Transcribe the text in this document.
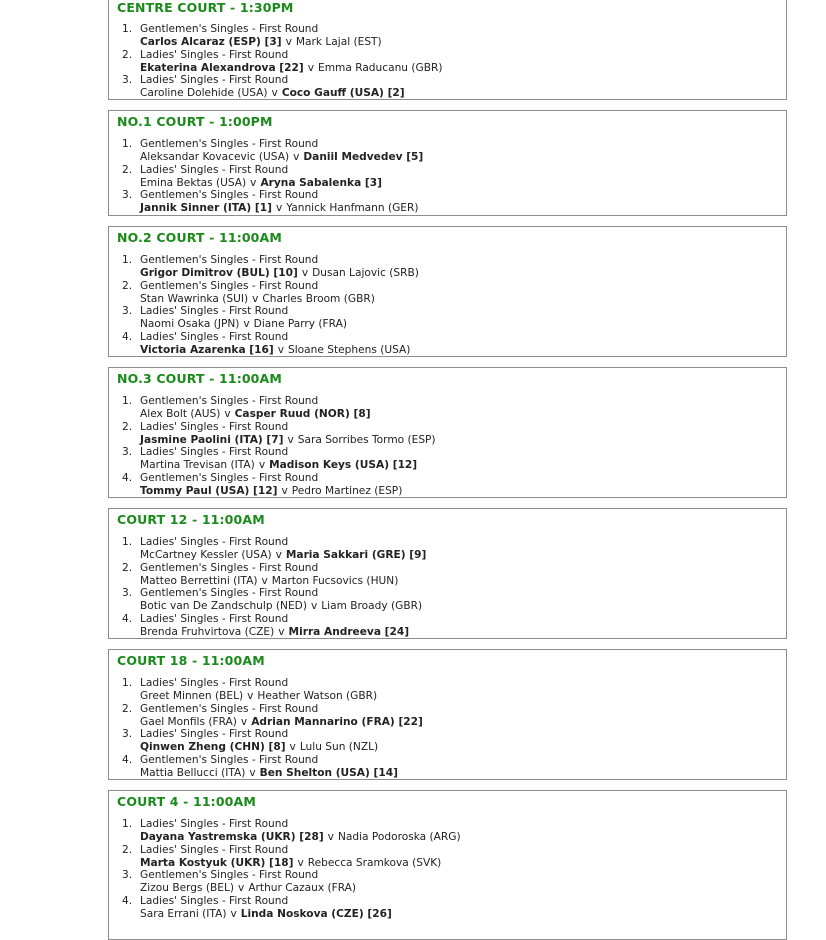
CENTRE COURT - 1:30PM
1. Gentlemen's Singles - First Round
Carlos Alcaraz (ESP) [3] v Mark Lajal (EST)
2. Ladies' Singles - First Round
Ekaterina Alexandrova [22] v Emma Raducanu (GBR)
3. Ladies' Singles - First Round
Caroline Dolehide (USA) v Coco Gauff (USA) [2]
NO.1 COURT - 1:00PM
1. Gentlemen's Singles - First Round
Aleksandar Kovacevic (USA) v Daniil Medvedev [5]
2. Ladies' Singles - First Round
Emina Bektas (USA) v Aryna Sabalenka [3]
3. Gentlemen's Singles - First Round
Jannik Sinner (ITA) [1] v Yannick Hanfmann (GER)
NO.2 COURT - 11:00AM
1. Gentlemen's Singles - First Round
Grigor Dimitrov (BUL) [10] v Dusan Lajovic (SRB)
2. Gentlemen's Singles - First Round
Stan Wawrinka (SUI) v Charles Broom (GBR)
3. Ladies' Singles - First Round
Naomi Osaka (JPN) v Diane Parry (FRA)
4. Ladies' Singles - First Round
Victoria Azarenka [16] v Sloane Stephens (USA)
NO.3 COURT - 11:00AM
1. Gentlemen's Singles - First Round
Alex Bolt (AUS) v Casper Ruud (NOR) [8]
2. Ladies' Singles - First Round
Jasmine Paolini (ITA) [7] v Sara Sorribes Tormo (ESP)
3. Ladies' Singles - First Round
Martina Trevisan (ITA) v Madison Keys (USA) [12]
4. Gentlemen's Singles - First Round
Tommy Paul (USA) [12] v Pedro Martinez (ESP)
COURT 12 - 11:00AM
1. Ladies' Singles - First Round
McCartney Kessler (USA) v Maria Sakkari (GRE) [9]
2. Gentlemen's Singles - First Round
Matteo Berrettini (ITA) v Marton Fucsovics (HUN)
3. Gentlemen's Singles - First Round
Botic van De Zandschulp (NED) v Liam Broady (GBR)
4. Ladies' Singles - First Round
Brenda Fruhvirtova (CZE) v Mirra Andreeva [24]
COURT 18 - 11:00AM
1. Ladies' Singles - First Round
Greet Minnen (BEL) v Heather Watson (GBR)
2. Gentlemen's Singles - First Round
Gael Monfils (FRA) v Adrian Mannarino (FRA) [22]
3. Ladies' Singles - First Round
Qinwen Zheng (CHN) [8] v Lulu Sun (NZL)
4. Gentlemen's Singles - First Round
Mattia Bellucci (ITA) v Ben Shelton (USA) [14]
COURT 4 - 11:00AM
1. Ladies' Singles - First Round
Dayana Yastremska (UKR) [28] v Nadia Podoroska (ARG)
2. Ladies' Singles - First Round
Marta Kostyuk (UKR) [18] v Rebecca Sramkova (SVK)
3. Gentlemen's Singles - First Round
Zizou Bergs (BEL) v Arthur Cazaux (FRA)
4. Ladies' Singles - First Round
Sara Errani (ITA) v Linda Noskova (CZE) [26]
